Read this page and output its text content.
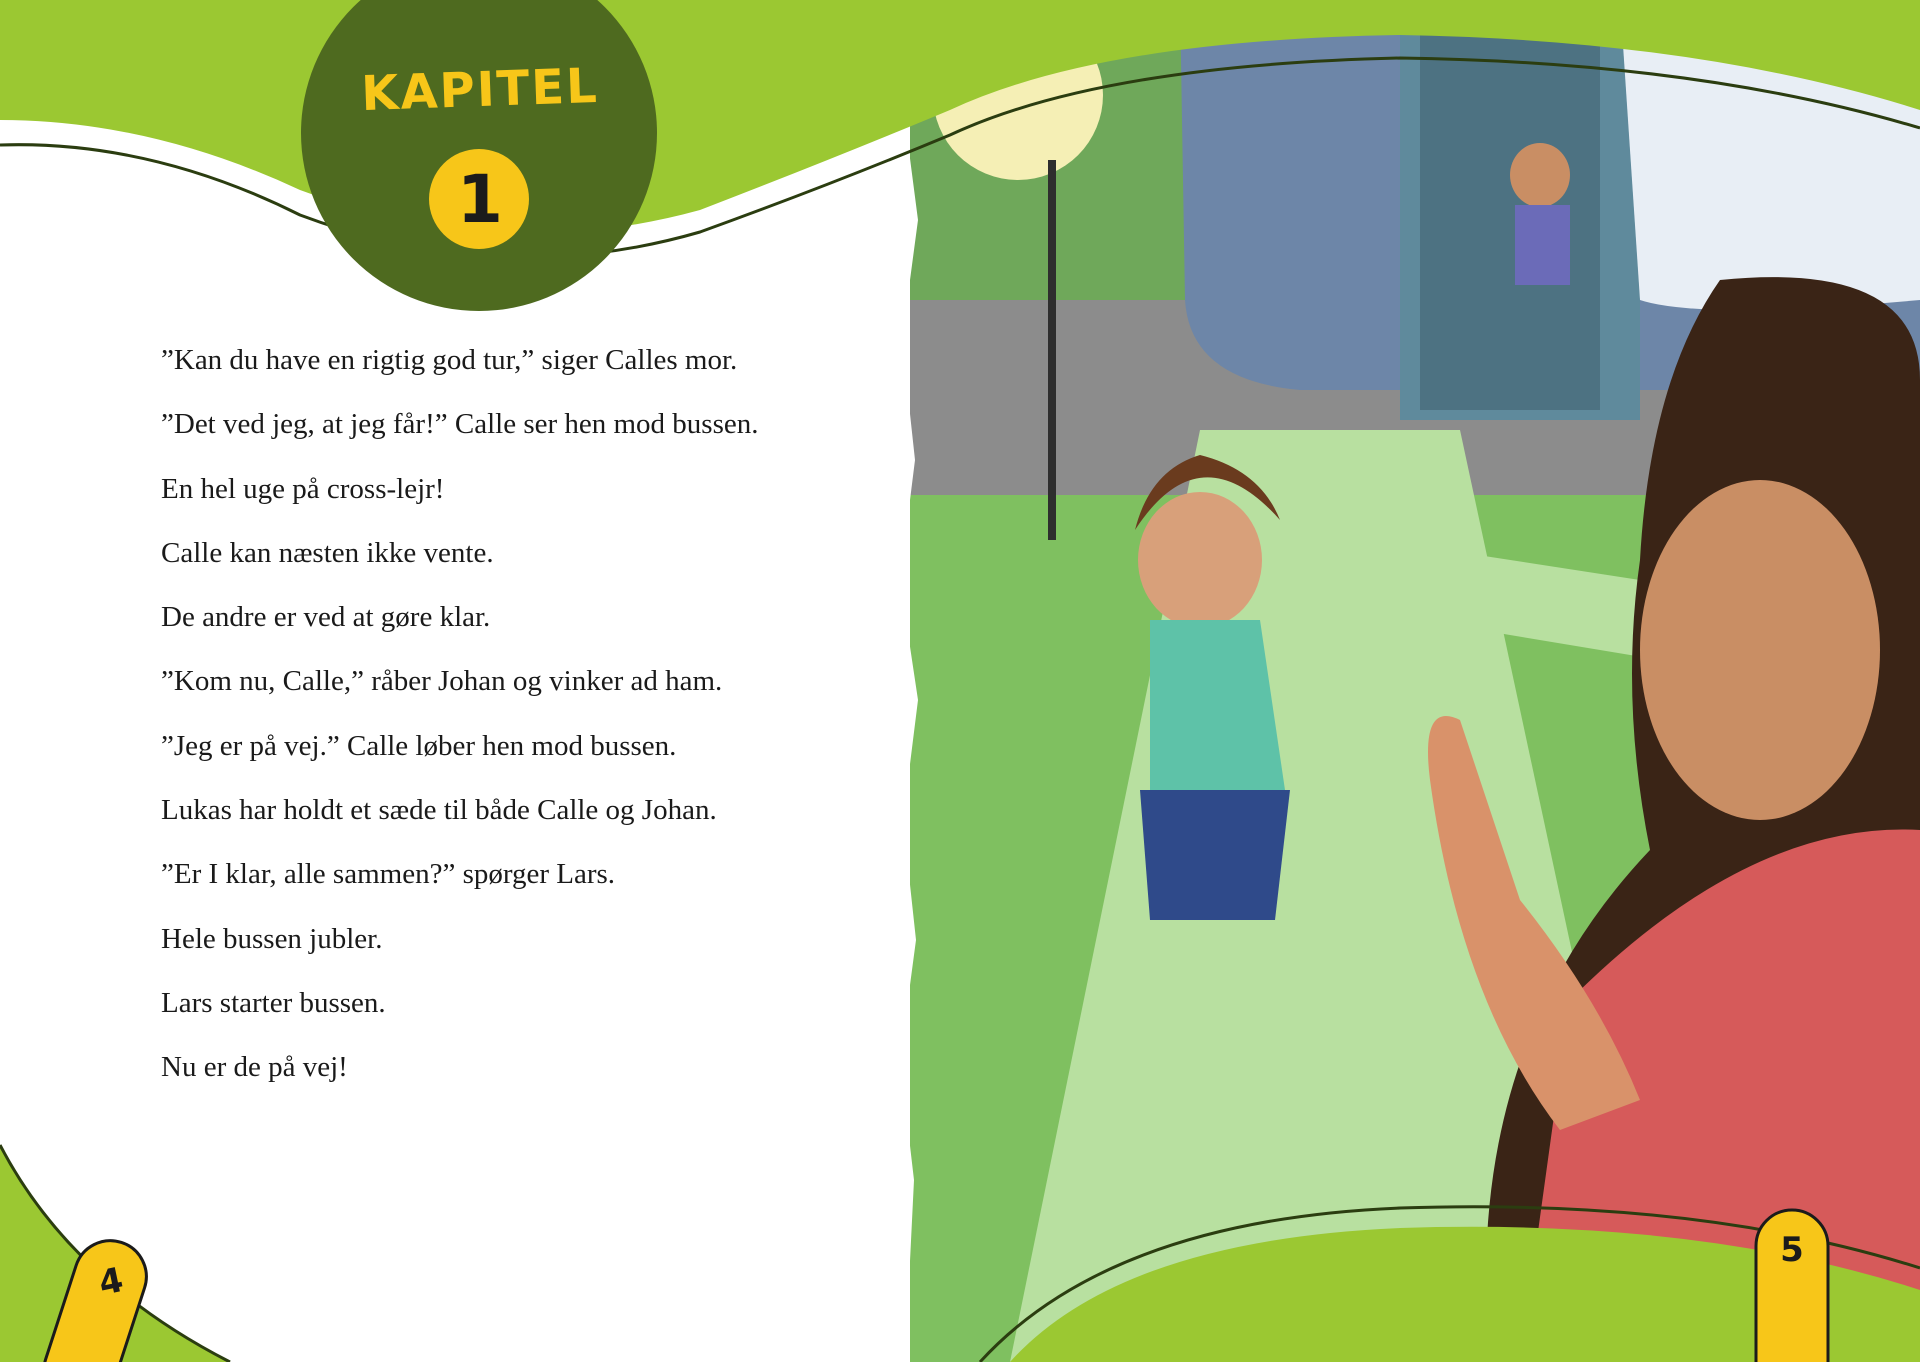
KAPITEL
1

”Kan du have en rigtig god tur,” siger Calles mor.

”Det ved jeg, at jeg får!” Calle ser hen mod bussen.

En hel uge på cross-lejr!

Calle kan næsten ikke vente.

De andre er ved at gøre klar.

”Kom nu, Calle,” råber Johan og vinker ad ham.

”Jeg er på vej.” Calle løber hen mod bussen.

Lukas har holdt et sæde til både Calle og Johan.

”Er I klar, alle sammen?” spørger Lars.

Hele bussen jubler.

Lars starter bussen.

Nu er de på vej!

4
5
